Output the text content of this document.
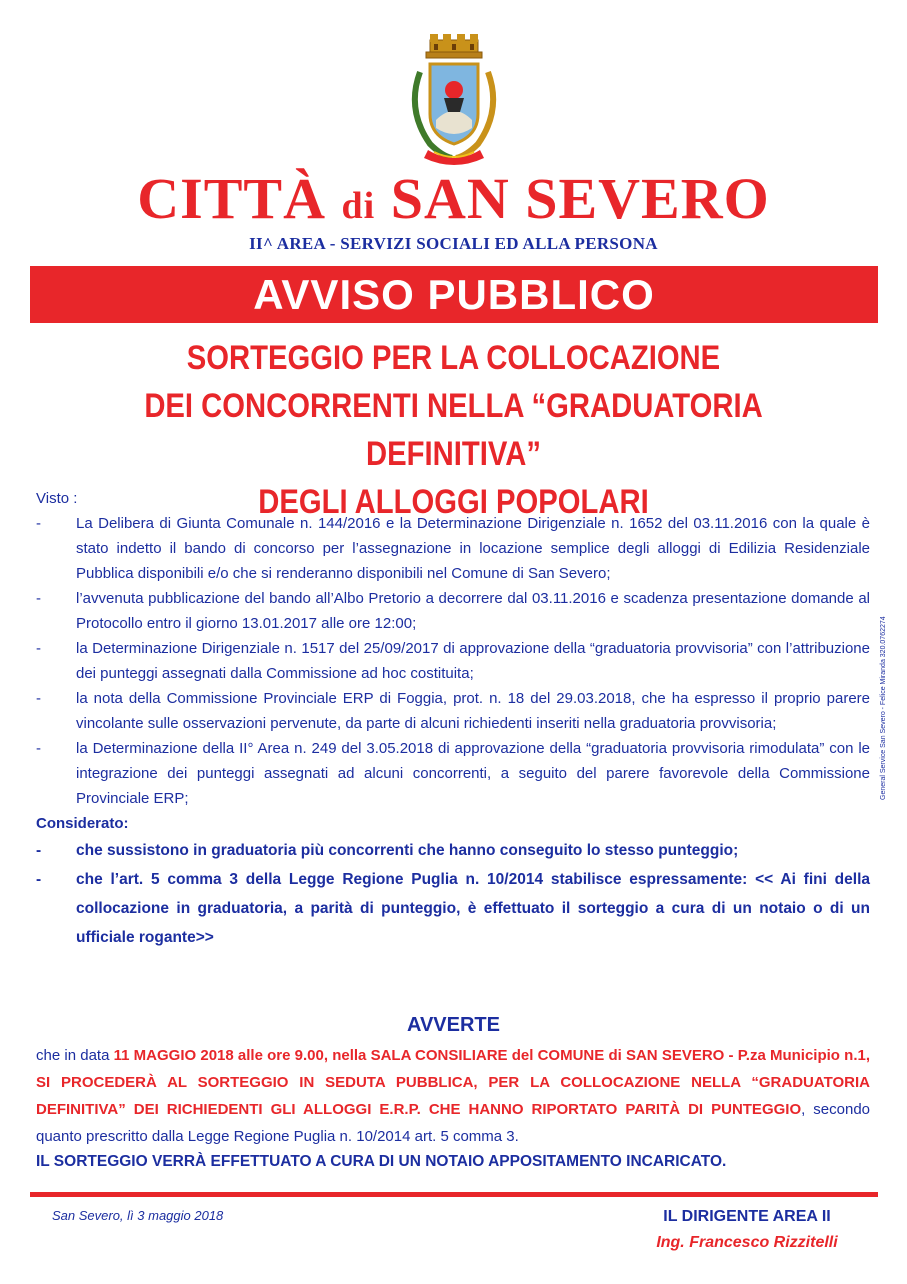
CITTÀ di SAN SEVERO
II^ AREA - SERVIZI SOCIALI ED ALLA PERSONA
AVVISO PUBBLICO
SORTEGGIO PER LA COLLOCAZIONE
DEI CONCORRENTI NELLA “GRADUATORIA DEFINITIVA”
DEGLI ALLOGGI POPOLARI
Visto :
- La Delibera di Giunta Comunale n. 144/2016 e la Determinazione Dirigenziale n. 1652 del 03.11.2016 con la quale è stato indetto il bando di concorso per l’assegnazione in locazione semplice degli alloggi di Edilizia Residenziale Pubblica disponibili e/o che si renderanno disponibili nel Comune di San Severo;
- l’avvenuta pubblicazione del bando all’Albo Pretorio a decorrere dal 03.11.2016 e scadenza presentazione domande al Protocollo entro il giorno 13.01.2017 alle ore 12:00;
- la Determinazione Dirigenziale n. 1517 del 25/09/2017 di approvazione della “graduatoria provvisoria” con l’attribuzione dei punteggi assegnati dalla Commissione ad hoc costituita;
- la nota della Commissione Provinciale ERP di Foggia, prot. n. 18 del 29.03.2018, che ha espresso il proprio parere vincolante sulle osservazioni pervenute, da parte di alcuni richiedenti inseriti nella graduatoria provvisoria;
- la Determinazione della II° Area n. 249 del 3.05.2018 di approvazione della “graduatoria provvisoria rimodulata” con le integrazione dei punteggi assegnati ad alcuni concorrenti, a seguito del parere favorevole della Commissione Provinciale ERP;
Considerato:
- che sussistono in graduatoria più concorrenti che hanno conseguito lo stesso punteggio;
- che l’art. 5 comma 3 della Legge Regione Puglia n. 10/2014 stabilisce espressamente: << Ai fini della collocazione in graduatoria, a parità di punteggio, è effettuato il sorteggio a cura di un notaio o di un ufficiale rogante>>
AVVERTE
che in data 11 MAGGIO 2018 alle ore 9.00, nella SALA CONSILIARE del COMUNE di SAN SEVERO - P.za Municipio n.1, SI PROCEDERÀ AL SORTEGGIO IN SEDUTA PUBBLICA, PER LA COLLOCAZIONE NELLA “GRADUATORIA DEFINITIVA” DEI RICHIEDENTI GLI ALLOGGI E.R.P. CHE HANNO RIPORTATO PARITÀ DI PUNTEGGIO, secondo quanto prescritto dalla Legge Regione Puglia n. 10/2014 art. 5 comma 3.
IL SORTEGGIO VERRÀ EFFETTUATO A CURA DI UN NOTAIO APPOSITAMENTO INCARICATO.
San Severo, lì 3 maggio 2018	IL DIRIGENTE AREA II
Ing. Francesco Rizzitelli
General Service San Severo - Felice Miranda 320.0762274
